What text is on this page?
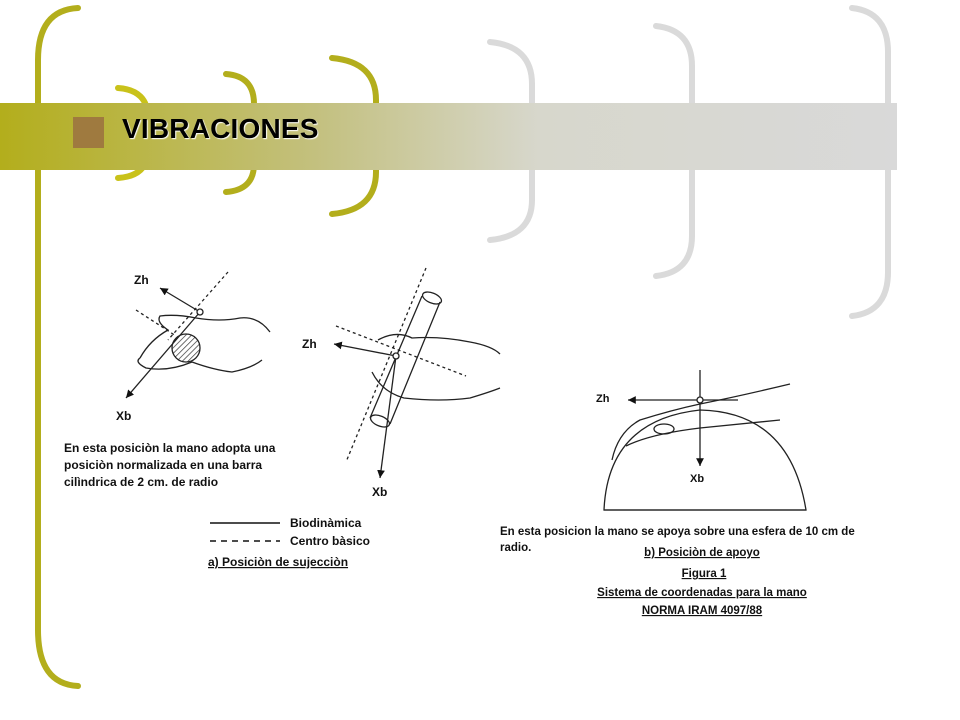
VIBRACIONES
Zh
Xb
Zh
Xb
En esta posiciòn la mano adopta una
posiciòn normalizada en una barra
cilìndrica de 2 cm. de radio
Biodinàmica
Centro bàsico
a) Posiciòn de sujecciòn
Zh
Xb
En esta posicion la mano se apoya sobre una esfera de 10 cm de
radio.	b) Posiciòn de apoyo
Figura 1
Sistema de coordenadas para la mano
NORMA IRAM 4097/88
